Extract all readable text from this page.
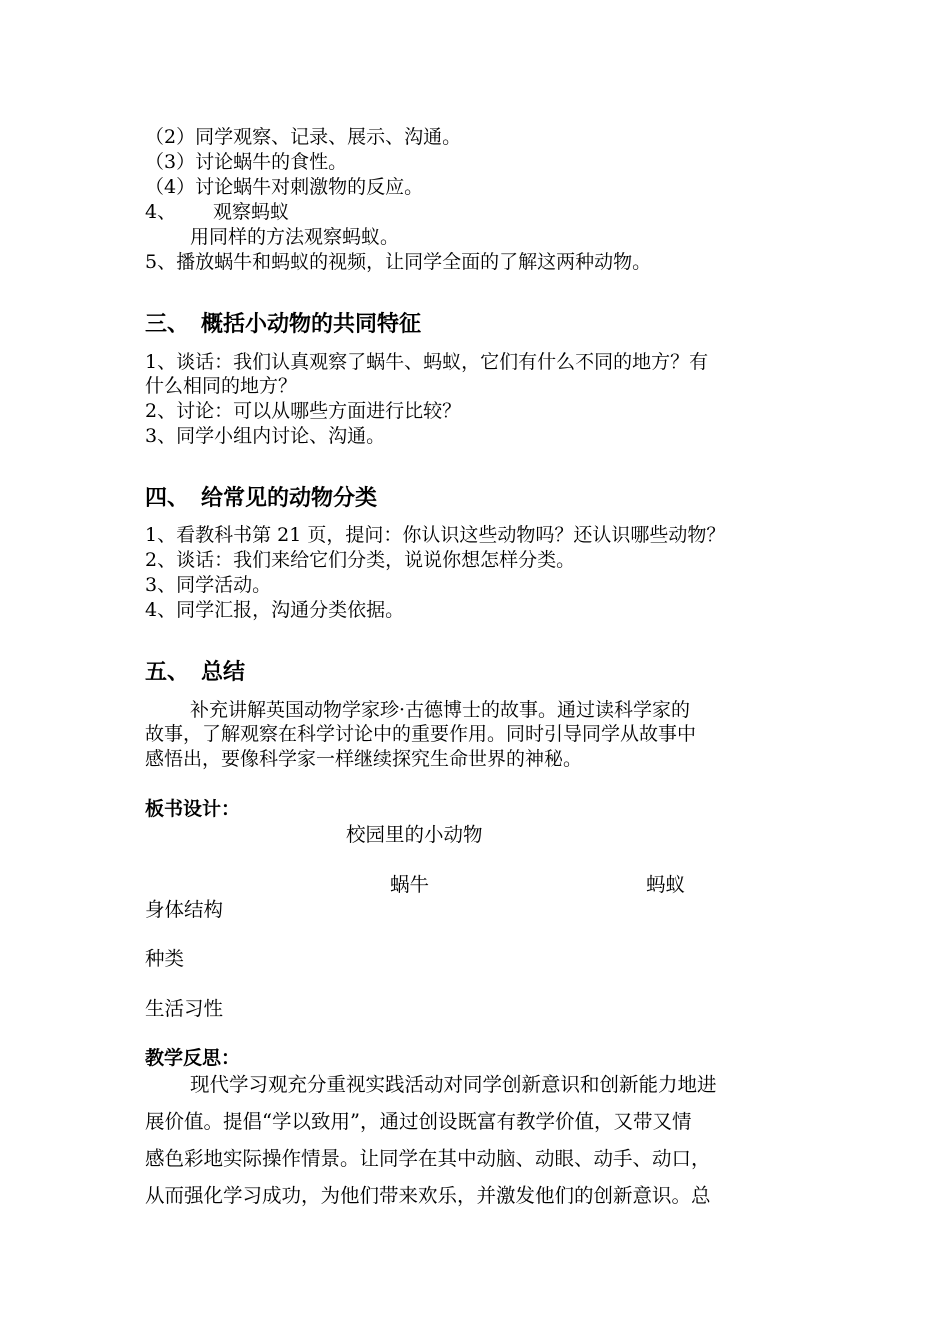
（2）同学观察、记录、展示、沟通。
（3）讨论蜗牛的食性。
（4）讨论蜗牛对刺激物的反应。
4、 观察蚂蚁
用同样的方法观察蚂蚁。
5、播放蜗牛和蚂蚁的视频，让同学全面的了解这两种动物。
三、 概括小动物的共同特征
1、谈话：我们认真观察了蜗牛、蚂蚁，它们有什么不同的地方？有
什么相同的地方？
2、讨论：可以从哪些方面进行比较？
3、同学小组内讨论、沟通。
四、 给常见的动物分类
1、看教科书第 21 页，提问：你认识这些动物吗？还认识哪些动物？
2、谈话：我们来给它们分类，说说你想怎样分类。
3、同学活动。
4、同学汇报，沟通分类依据。
五、 总结
补充讲解英国动物学家珍·古德博士的故事。通过读科学家的
故事，了解观察在科学讨论中的重要作用。同时引导同学从故事中
感悟出，要像科学家一样继续探究生命世界的神秘。
板书设计：
校园里的小动物
蜗牛	蚂蚁
身体结构
种类
生活习性
教学反思：
现代学习观充分重视实践活动对同学创新意识和创新能力地进
展价值。提倡“学以致用”，通过创设既富有教学价值，又带又情
感色彩地实际操作情景。让同学在其中动脑、动眼、动手、动口，
从而强化学习成功，为他们带来欢乐，并激发他们的创新意识。总
